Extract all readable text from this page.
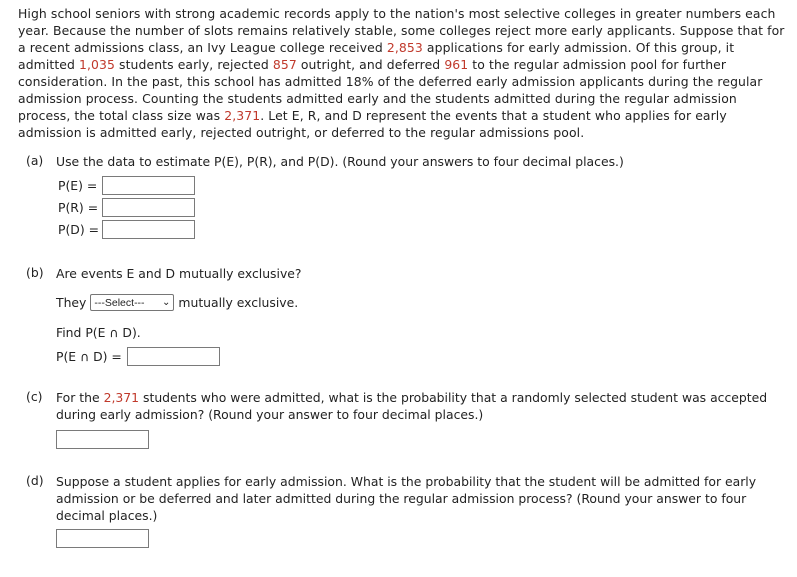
High school seniors with strong academic records apply to the nation's most selective colleges in greater numbers each year. Because the number of slots remains relatively stable, some colleges reject more early applicants. Suppose that for a recent admissions class, an Ivy League college received 2,853 applications for early admission. Of this group, it admitted 1,035 students early, rejected 857 outright, and deferred 961 to the regular admission pool for further consideration. In the past, this school has admitted 18% of the deferred early admission applicants during the regular admission process. Counting the students admitted early and the students admitted during the regular admission process, the total class size was 2,371. Let E, R, and D represent the events that a student who applies for early admission is admitted early, rejected outright, or deferred to the regular admissions pool.

(a) Use the data to estimate P(E), P(R), and P(D). (Round your answers to four decimal places.)
P(E) =
P(R) =
P(D) =
(b) Are events E and D mutually exclusive?
They ---Select--- ⌄ mutually exclusive.
Find P(E ∩ D).
P(E ∩ D) =
(c) For the 2,371 students who were admitted, what is the probability that a randomly selected student was accepted during early admission? (Round your answer to four decimal places.)
(d) Suppose a student applies for early admission. What is the probability that the student will be admitted for early admission or be deferred and later admitted during the regular admission process? (Round your answer to four decimal places.)
